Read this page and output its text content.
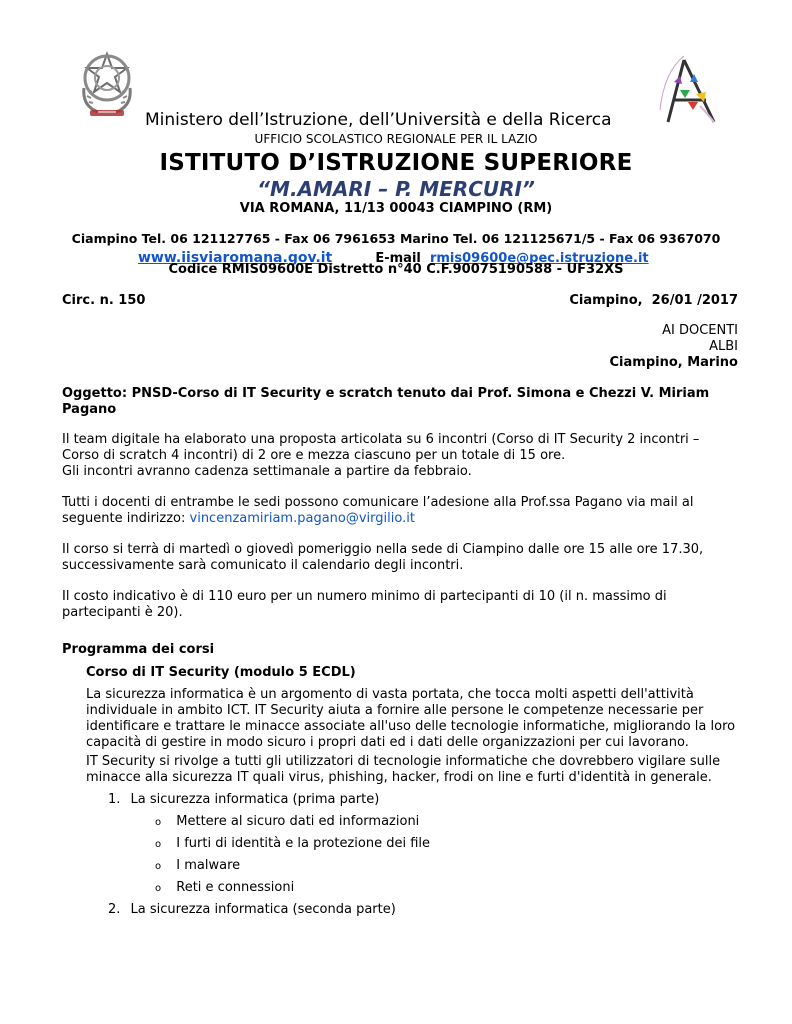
Ministero dell’Istruzione, dell’Università e della Ricerca
UFFICIO SCOLASTICO REGIONALE PER IL LAZIO
ISTITUTO D’ISTRUZIONE SUPERIORE
“M.AMARI – P. MERCURI”
VIA ROMANA, 11/13 00043 CIAMPINO (RM)
Ciampino Tel. 06 121127765 - Fax 06 7961653 Marino Tel. 06 121125671/5 - Fax 06 9367070
www.iisviaromana.gov.it	E-mail rmis09600e@pec.istruzione.it
Codice RMIS09600E Distretto n°40 C.F.90075190588 - UF32XS
Circ. n. 150	Ciampino,  26/01 /2017
AI DOCENTI
ALBI
Ciampino, Marino
Oggetto: PNSD-Corso di IT Security e scratch tenuto dai Prof. Simona e Chezzi V. Miriam
Pagano
Il team digitale ha elaborato una proposta articolata su 6 incontri (Corso di IT Security 2 incontri –
Corso di scratch 4 incontri) di 2 ore e mezza ciascuno per un totale di 15 ore.
Gli incontri avranno cadenza settimanale a partire da febbraio.
Tutti i docenti di entrambe le sedi possono comunicare l’adesione alla Prof.ssa Pagano via mail al
seguente indirizzo: vincenzamiriam.pagano@virgilio.it
Il corso si terrà di martedì o giovedì pomeriggio nella sede di Ciampino dalle ore 15 alle ore 17.30,
successivamente sarà comunicato il calendario degli incontri.
Il costo indicativo è di 110 euro per un numero minimo di partecipanti di 10 (il n. massimo di
partecipanti è 20).
Programma dei corsi
Corso di IT Security (modulo 5 ECDL)
La sicurezza informatica è un argomento di vasta portata, che tocca molti aspetti dell'attività
individuale in ambito ICT. IT Security aiuta a fornire alle persone le competenze necessarie per
identificare e trattare le minacce associate all'uso delle tecnologie informatiche, migliorando la loro
capacità di gestire in modo sicuro i propri dati ed i dati delle organizzazioni per cui lavorano.
IT Security si rivolge a tutti gli utilizzatori di tecnologie informatiche che dovrebbero vigilare sulle
minacce alla sicurezza IT quali virus, phishing, hacker, frodi on line e furti d'identità in generale.
1. La sicurezza informatica (prima parte)
o Mettere al sicuro dati ed informazioni
o I furti di identità e la protezione dei file
o I malware
o Reti e connessioni
2. La sicurezza informatica (seconda parte)
